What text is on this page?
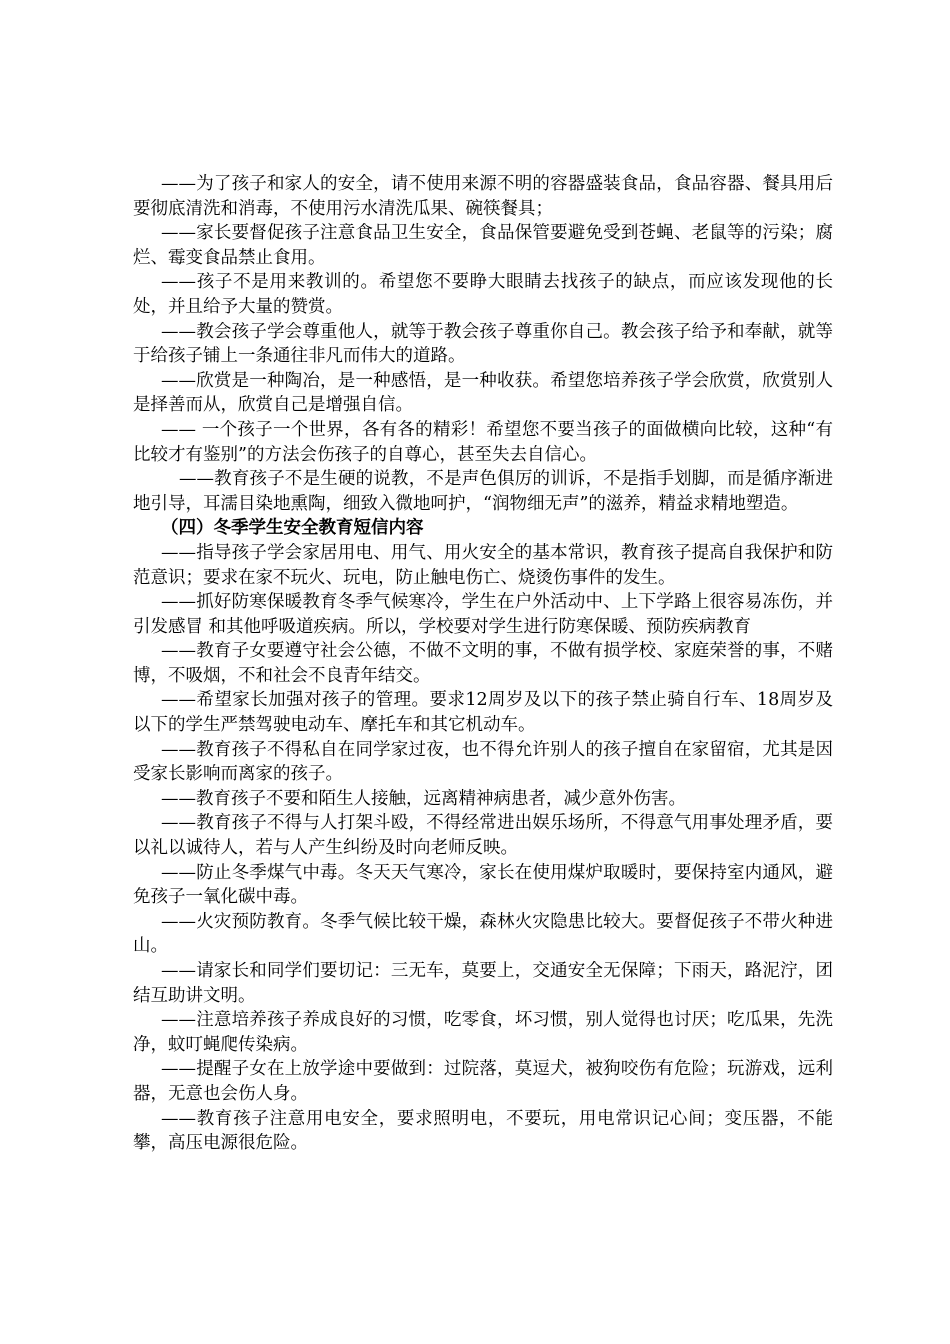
——为了孩子和家人的安全，请不使用来源不明的容器盛装食品，食品容器、餐具用后要彻底清洗和消毒，不使用污水清洗瓜果、碗筷餐具；

——家长要督促孩子注意食品卫生安全，食品保管要避免受到苍蝇、老鼠等的污染；腐烂、霉变食品禁止食用。

——孩子不是用来教训的。希望您不要睁大眼睛去找孩子的缺点，而应该发现他的长处，并且给予大量的赞赏。

——教会孩子学会尊重他人，就等于教会孩子尊重你自己。教会孩子给予和奉献，就等于给孩子铺上一条通往非凡而伟大的道路。

——欣赏是一种陶冶，是一种感悟，是一种收获。希望您培养孩子学会欣赏，欣赏别人是择善而从，欣赏自己是增强自信。

—— 一个孩子一个世界，各有各的精彩！希望您不要当孩子的面做横向比较，这种“有比较才有鉴别”的方法会伤孩子的自尊心，甚至失去自信心。

——教育孩子不是生硬的说教，不是声色俱厉的训诉，不是指手划脚，而是循序渐进地引导，耳濡目染地熏陶，细致入微地呵护，“润物细无声”的滋养，精益求精地塑造。

（四）冬季学生安全教育短信内容

——指导孩子学会家居用电、用气、用火安全的基本常识，教育孩子提高自我保护和防范意识；要求在家不玩火、玩电，防止触电伤亡、烧烫伤事件的发生。

——抓好防寒保暖教育冬季气候寒冷，学生在户外活动中、上下学路上很容易冻伤，并引发感冒 和其他呼吸道疾病。所以，学校要对学生进行防寒保暖、预防疾病教育

——教育子女要遵守社会公德，不做不文明的事，不做有损学校、家庭荣誉的事，不赌博，不吸烟，不和社会不良青年结交。

——希望家长加强对孩子的管理。要求12周岁及以下的孩子禁止骑自行车、18周岁及以下的学生严禁驾驶电动车、摩托车和其它机动车。

——教育孩子不得私自在同学家过夜，也不得允许别人的孩子擅自在家留宿，尤其是因受家长影响而离家的孩子。

——教育孩子不要和陌生人接触，远离精神病患者，减少意外伤害。

——教育孩子不得与人打架斗殴，不得经常进出娱乐场所，不得意气用事处理矛盾，要以礼以诚待人，若与人产生纠纷及时向老师反映。

——防止冬季煤气中毒。冬天天气寒冷，家长在使用煤炉取暖时，要保持室内通风，避免孩子一氧化碳中毒。

——火灾预防教育。冬季气候比较干燥，森林火灾隐患比较大。要督促孩子不带火种进山。

——请家长和同学们要切记：三无车，莫要上，交通安全无保障；下雨天，路泥泞，团结互助讲文明。

——注意培养孩子养成良好的习惯，吃零食，坏习惯，别人觉得也讨厌；吃瓜果，先洗净，蚊叮蝇爬传染病。

——提醒子女在上放学途中要做到：过院落，莫逗犬，被狗咬伤有危险；玩游戏，远利器，无意也会伤人身。

——教育孩子注意用电安全，要求照明电，不要玩，用电常识记心间；变压器，不能攀，高压电源很危险。
